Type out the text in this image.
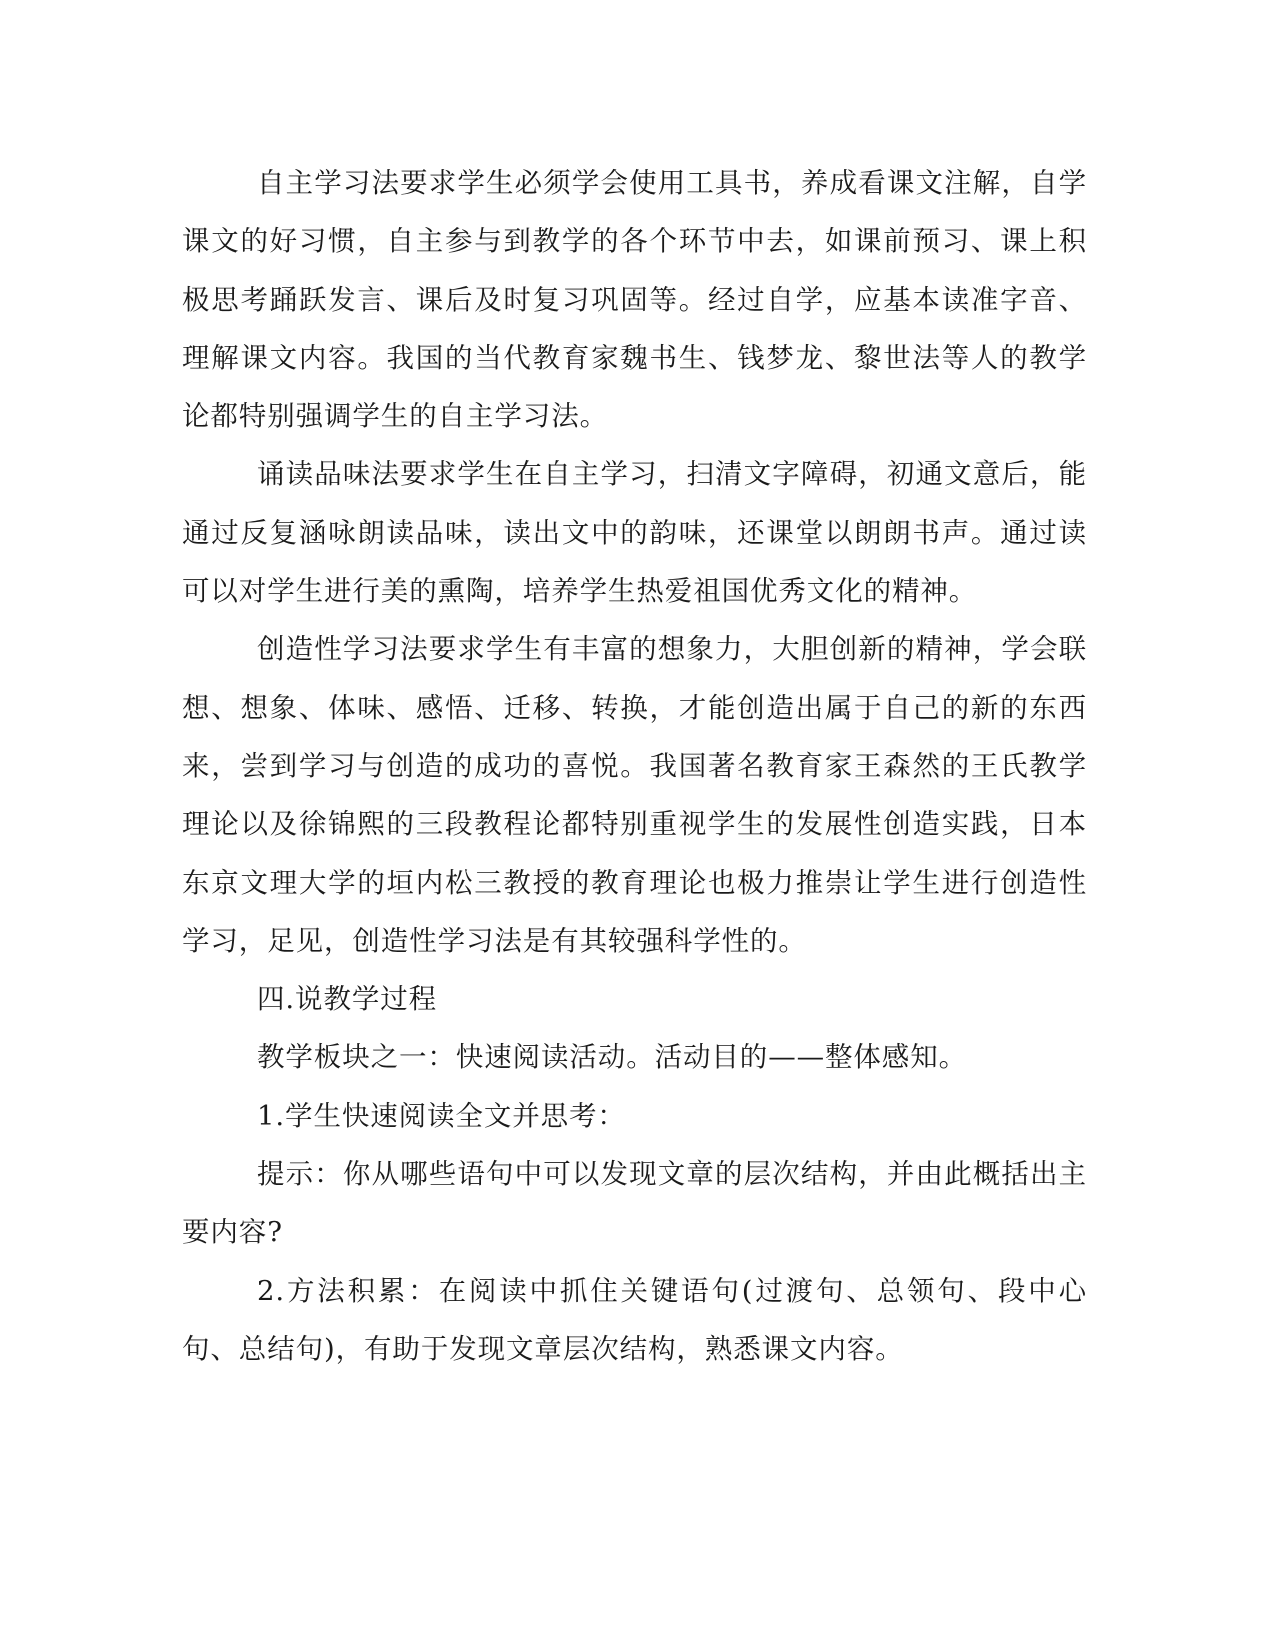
自主学习法要求学生必须学会使用工具书，养成看课文注解，自学课文的好习惯，自主参与到教学的各个环节中去，如课前预习、课上积极思考踊跃发言、课后及时复习巩固等。经过自学，应基本读准字音、理解课文内容。我国的当代教育家魏书生、钱梦龙、黎世法等人的教学论都特别强调学生的自主学习法。

诵读品味法要求学生在自主学习，扫清文字障碍，初通文意后，能通过反复涵咏朗读品味，读出文中的韵味，还课堂以朗朗书声。通过读可以对学生进行美的熏陶，培养学生热爱祖国优秀文化的精神。

创造性学习法要求学生有丰富的想象力，大胆创新的精神，学会联想、想象、体味、感悟、迁移、转换，才能创造出属于自己的新的东西来，尝到学习与创造的成功的喜悦。我国著名教育家王森然的王氏教学理论以及徐锦熙的三段教程论都特别重视学生的发展性创造实践，日本东京文理大学的垣内松三教授的教育理论也极力推崇让学生进行创造性学习，足见，创造性学习法是有其较强科学性的。

四.说教学过程

教学板块之一：快速阅读活动。活动目的——整体感知。

1.学生快速阅读全文并思考：

提示：你从哪些语句中可以发现文章的层次结构，并由此概括出主要内容?

2.方法积累：在阅读中抓住关键语句(过渡句、总领句、段中心句、总结句)，有助于发现文章层次结构，熟悉课文内容。
